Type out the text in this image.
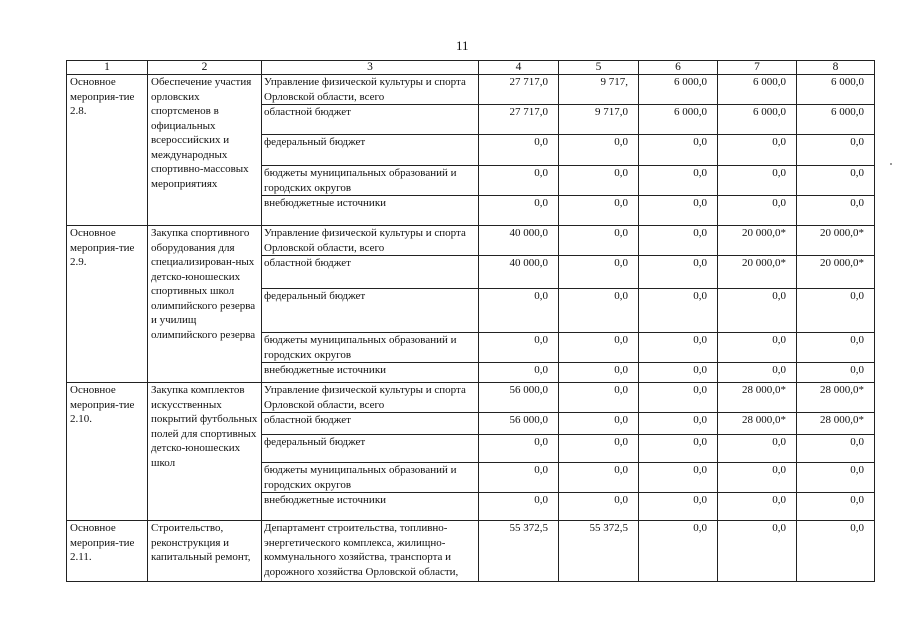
11
1	2	3	4	5	6	7	8
Основное мероприя-тие 2.8.	Обеспечение участия орловских спортсменов в официальных всероссийских и международных спортивно-массовых мероприятиях	Управление физической культуры и спорта Орловской области, всего	27 717,0	9 717,	6 000,0	6 000,0	6 000,0
		областной бюджет	27 717,0	9 717,0	6 000,0	6 000,0	6 000,0
		федеральный бюджет	0,0	0,0	0,0	0,0	0,0
		бюджеты муниципальных образований и городских округов	0,0	0,0	0,0	0,0	0,0
		внебюджетные источники	0,0	0,0	0,0	0,0	0,0
Основное мероприя-тие 2.9.	Закупка спортивного оборудования для специализирован-ных детско-юношеских спортивных школ олимпийского резерва и училищ олимпийского резерва	Управление физической культуры и спорта Орловской области, всего	40 000,0	0,0	0,0	20 000,0*	20 000,0*
		областной бюджет	40 000,0	0,0	0,0	20 000,0*	20 000,0*
		федеральный бюджет	0,0	0,0	0,0	0,0	0,0
		бюджеты муниципальных образований и городских округов	0,0	0,0	0,0	0,0	0,0
		внебюджетные источники	0,0	0,0	0,0	0,0	0,0
Основное мероприя-тие 2.10.	Закупка комплектов искусственных покрытий футбольных полей для спортивных детско-юношеских школ	Управление физической культуры и спорта Орловской области, всего	56 000,0	0,0	0,0	28 000,0*	28 000,0*
		областной бюджет	56 000,0	0,0	0,0	28 000,0*	28 000,0*
		федеральный бюджет	0,0	0,0	0,0	0,0	0,0
		бюджеты муниципальных образований и городских округов	0,0	0,0	0,0	0,0	0,0
		внебюджетные источники	0,0	0,0	0,0	0,0	0,0
Основное мероприя-тие 2.11.	Строительство, реконструкция и капитальный ремонт,	Департамент строительства, топливно-энергетического комплекса, жилищно-коммунального хозяйства, транспорта и дорожного хозяйства Орловской области,	55 372,5	55 372,5	0,0	0,0	0,0
